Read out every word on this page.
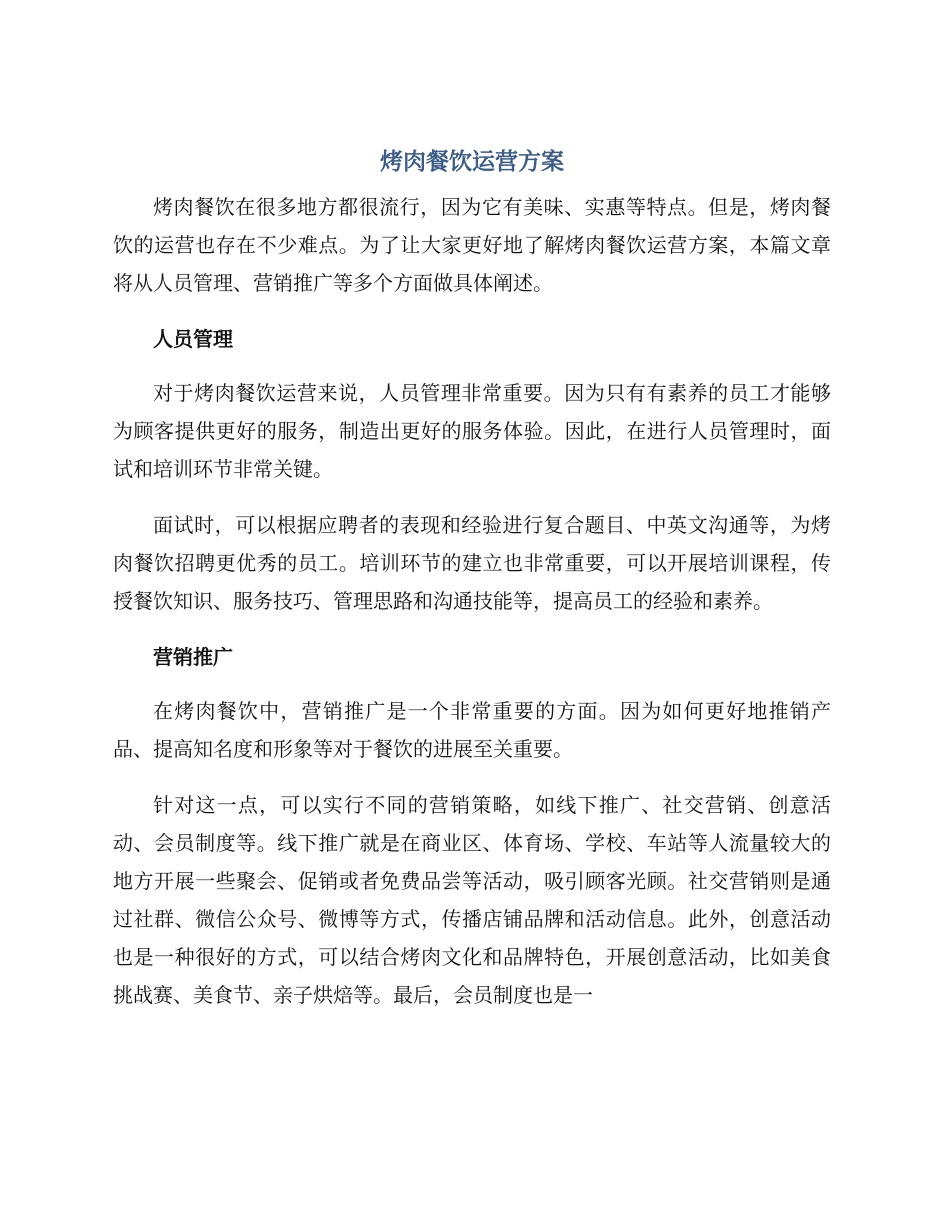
烤肉餐饮运营方案

烤肉餐饮在很多地方都很流行，因为它有美味、实惠等特点。但是，烤肉餐饮的运营也存在不少难点。为了让大家更好地了解烤肉餐饮运营方案，本篇文章将从人员管理、营销推广等多个方面做具体阐述。

人员管理

对于烤肉餐饮运营来说，人员管理非常重要。因为只有有素养的员工才能够为顾客提供更好的服务，制造出更好的服务体验。因此，在进行人员管理时，面试和培训环节非常关键。

面试时，可以根据应聘者的表现和经验进行复合题目、中英文沟通等，为烤肉餐饮招聘更优秀的员工。培训环节的建立也非常重要，可以开展培训课程，传授餐饮知识、服务技巧、管理思路和沟通技能等，提高员工的经验和素养。

营销推广

在烤肉餐饮中，营销推广是一个非常重要的方面。因为如何更好地推销产品、提高知名度和形象等对于餐饮的进展至关重要。

针对这一点，可以实行不同的营销策略，如线下推广、社交营销、创意活动、会员制度等。线下推广就是在商业区、体育场、学校、车站等人流量较大的地方开展一些聚会、促销或者免费品尝等活动，吸引顾客光顾。社交营销则是通过社群、微信公众号、微博等方式，传播店铺品牌和活动信息。此外，创意活动也是一种很好的方式，可以结合烤肉文化和品牌特色，开展创意活动，比如美食挑战赛、美食节、亲子烘焙等。最后，会员制度也是一
